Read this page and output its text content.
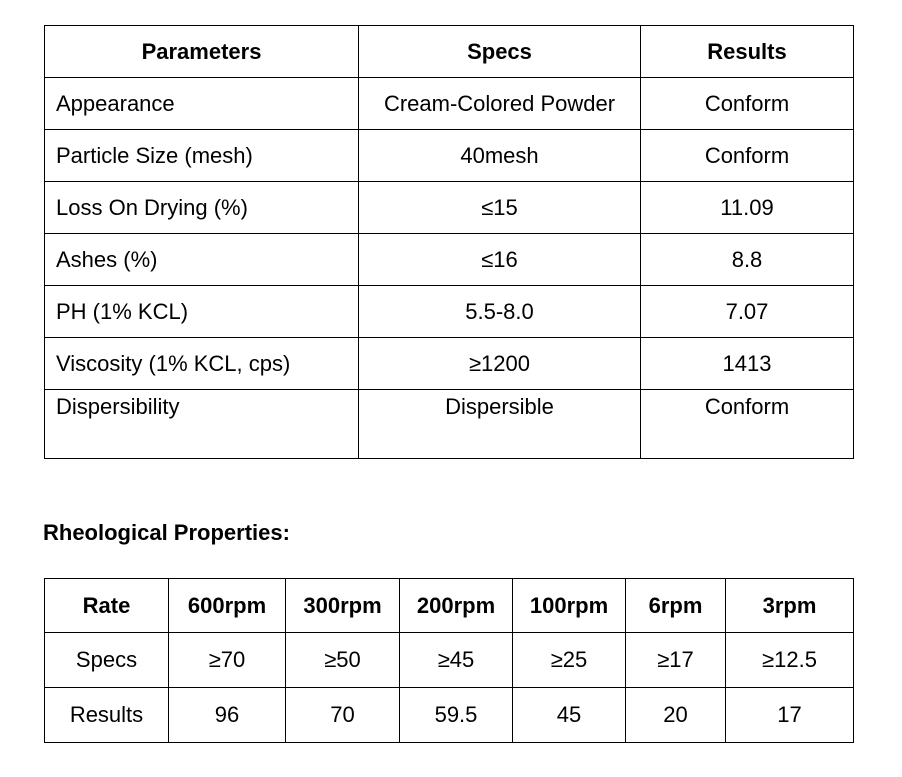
Parameters	Specs	Results
Appearance	Cream-Colored Powder	Conform
Particle Size (mesh)	40mesh	Conform
Loss On Drying (%)	≤15	11.09
Ashes (%)	≤16	8.8
PH (1% KCL)	5.5-8.0	7.07
Viscosity (1% KCL, cps)	≥1200	1413
Dispersibility	Dispersible	Conform
Rheological Properties:
Rate	600rpm	300rpm	200rpm	100rpm	6rpm	3rpm
Specs	≥70	≥50	≥45	≥25	≥17	≥12.5
Results	96	70	59.5	45	20	17
